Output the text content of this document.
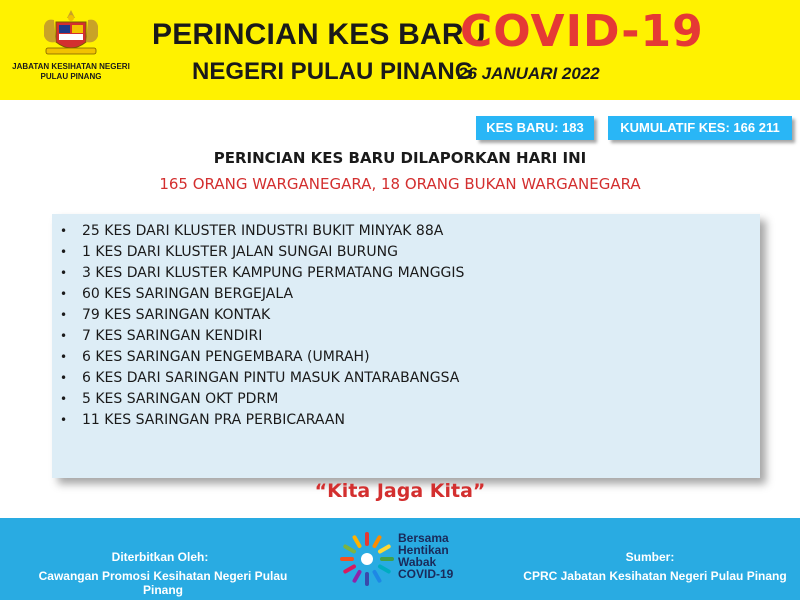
JABATAN KESIHATAN NEGERI PULAU PINANG
PERINCIAN KES BARU
COVID-19
NEGERI PULAU PINANG
26 JANUARI 2022
KES BARU: 183	KUMULATIF KES: 166 211
PERINCIAN KES BARU DILAPORKAN HARI INI
165 ORANG WARGANEGARA, 18 ORANG BUKAN WARGANEGARA
• 25 KES DARI KLUSTER INDUSTRI BUKIT MINYAK 88A
• 1 KES DARI KLUSTER JALAN SUNGAI BURUNG
• 3 KES DARI KLUSTER KAMPUNG PERMATANG MANGGIS
• 60 KES SARINGAN BERGEJALA
• 79 KES SARINGAN KONTAK
• 7 KES SARINGAN KENDIRI
• 6 KES SARINGAN PENGEMBARA (UMRAH)
• 6 KES DARI SARINGAN PINTU MASUK ANTARABANGSA
• 5 KES SARINGAN OKT PDRM
• 11 KES SARINGAN PRA PERBICARAAN
“Kita Jaga Kita”
Diterbitkan Oleh:
Cawangan Promosi Kesihatan Negeri Pulau Pinang
Bersama
Hentikan
Wabak
COVID-19
Sumber:
CPRC Jabatan Kesihatan Negeri Pulau Pinang
